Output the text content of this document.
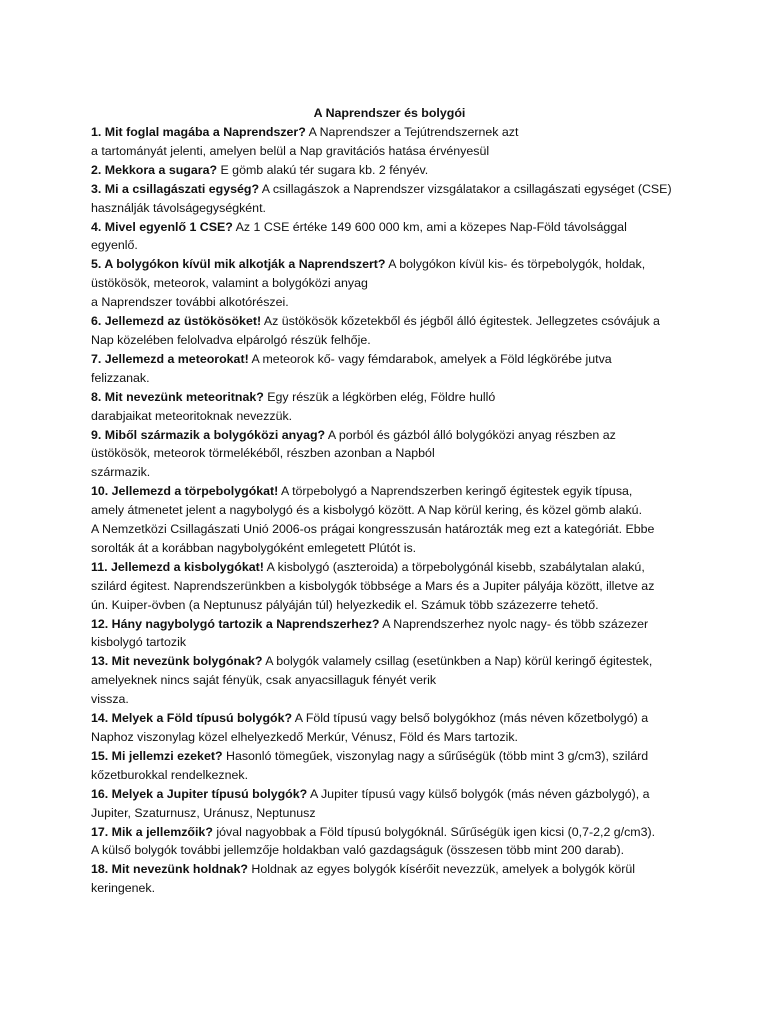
A Naprendszer és bolygói

1. Mit foglal magába a Naprendszer? A Naprendszer a Tejútrendszernek azt
a tartományát jelenti, amelyen belül a Nap gravitációs hatása érvényesül

2. Mekkora a sugara? E gömb alakú tér sugara kb. 2 fényév.

3. Mi a csillagászati egység? A csillagászok a Naprendszer vizsgálatakor a csillagászati egységet (CSE)
használják távolságegységként.

4. Mivel egyenlő 1 CSE? Az 1 CSE értéke 149 600 000 km, ami a közepes Nap-Föld távolsággal
egyenlő.

5. A bolygókon kívül mik alkotják a Naprendszert? A bolygókon kívül kis- és törpebolygók, holdak,
üstökösök, meteorok, valamint a bolygóközi anyag
a Naprendszer további alkotórészei.

6. Jellemezd az üstökösöket! Az üstökösök kőzetekből és jégből álló égitestek. Jellegzetes csóvájuk a
Nap közelében felolvadva elpárolgó részük felhője.

7. Jellemezd a meteorokat! A meteorok kő- vagy fémdarabok, amelyek a Föld légkörébe jutva
felizzanak.

8. Mit nevezünk meteoritnak? Egy részük a légkörben elég, Földre hulló
darabjaikat meteoritoknak nevezzük.

9. Miből származik a bolygóközi anyag? A porból és gázból álló bolygóközi anyag részben az
üstökösök, meteorok törmelékéből, részben azonban a Napból
származik.

10. Jellemezd a törpebolygókat! A törpebolygó a Naprendszerben keringő égitestek egyik típusa,
amely átmenetet jelent a nagybolygó és a kisbolygó között. A Nap körül kering, és közel gömb alakú.
A Nemzetközi Csillagászati Unió 2006-os prágai kongresszusán határozták meg ezt a kategóriát. Ebbe
sorolták át a korábban nagybolygóként emlegetett Plútót is.

11. Jellemezd a kisbolygókat! A kisbolygó (aszteroida) a törpebolygónál kisebb, szabálytalan alakú,
szilárd égitest. Naprendszerünkben a kisbolygók többsége a Mars és a Jupiter pályája között, illetve az
ún. Kuiper-övben (a Neptunusz pályáján túl) helyezkedik el. Számuk több százezerre tehető.

12. Hány nagybolygó tartozik a Naprendszerhez? A Naprendszerhez nyolc nagy- és több százezer
kisbolygó tartozik

13. Mit nevezünk bolygónak? A bolygók valamely csillag (esetünkben a Nap) körül keringő égitestek,
amelyeknek nincs saját fényük, csak anyacsillaguk fényét verik
vissza.

14. Melyek a Föld típusú bolygók? A Föld típusú vagy belső bolygókhoz (más néven kőzetbolygó) a
Naphoz viszonylag közel elhelyezkedő Merkúr, Vénusz, Föld és Mars tartozik.

15. Mi jellemzi ezeket? Hasonló tömegűek, viszonylag nagy a sűrűségük (több mint 3 g/cm3), szilárd
kőzetburokkal rendelkeznek.

16. Melyek a Jupiter típusú bolygók? A Jupiter típusú vagy külső bolygók (más néven gázbolygó), a
Jupiter, Szaturnusz, Uránusz, Neptunusz

17. Mik a jellemzőik? jóval nagyobbak a Föld típusú bolygóknál. Sűrűségük igen kicsi (0,7-2,2 g/cm3).
A külső bolygók további jellemzője holdakban való gazdagságuk (összesen több mint 200 darab).

18. Mit nevezünk holdnak? Holdnak az egyes bolygók kísérőit nevezzük, amelyek a bolygók körül
keringenek.
